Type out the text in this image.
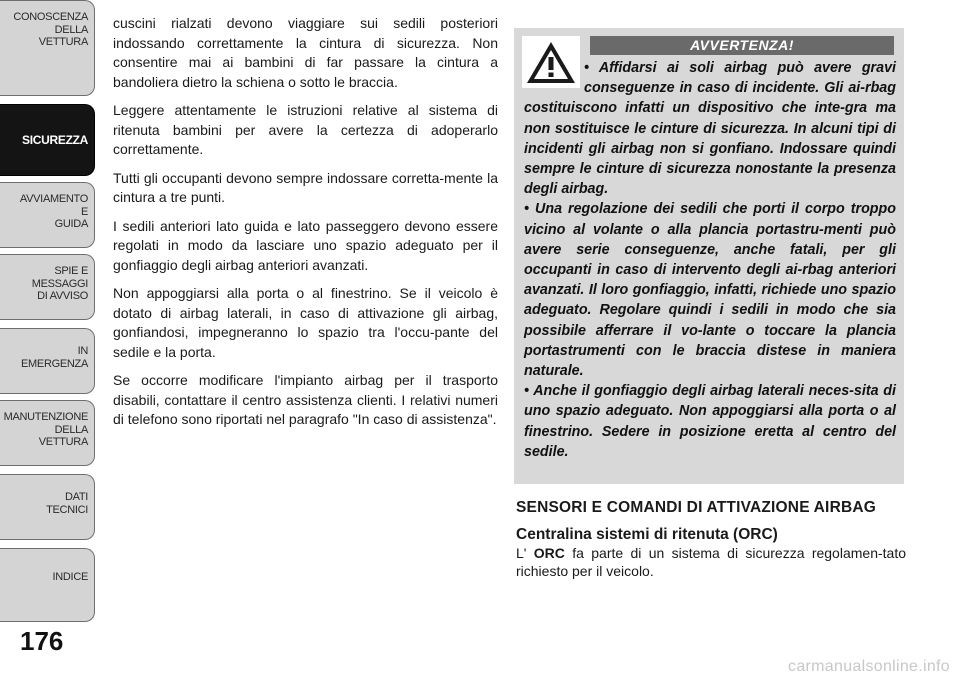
CONOSCENZA
DELLA
VETTURA
SICUREZZA
AVVIAMENTO
E
GUIDA
SPIE E
MESSAGGI
DI AVVISO
IN
EMERGENZA
MANUTENZIONE
DELLA
VETTURA
DATI
TECNICI
INDICE
176

cuscini rialzati devono viaggiare sui sedili posteriori indossando correttamente la cintura di sicurezza. Non consentire mai ai bambini di far passare la cintura a bandoliera dietro la schiena o sotto le braccia.

Leggere attentamente le istruzioni relative al sistema di ritenuta bambini per avere la certezza di adoperarlo correttamente.

Tutti gli occupanti devono sempre indossare corretta-mente la cintura a tre punti.

I sedili anteriori lato guida e lato passeggero devono essere regolati in modo da lasciare uno spazio adeguato per il gonfiaggio degli airbag anteriori avanzati.

Non appoggiarsi alla porta o al finestrino. Se il veicolo è dotato di airbag laterali, in caso di attivazione gli airbag, gonfiandosi, impegneranno lo spazio tra l'occu-pante del sedile e la porta.

Se occorre modificare l'impianto airbag per il trasporto disabili, contattare il centro assistenza clienti. I relativi numeri di telefono sono riportati nel paragrafo "In caso di assistenza".

AVVERTENZA!

• Affidarsi ai soli airbag può avere gravi conseguenze in caso di incidente. Gli ai-rbag costituiscono infatti un dispositivo che inte-gra ma non sostituisce le cinture di sicurezza. In alcuni tipi di incidenti gli airbag non si gonfiano. Indossare quindi sempre le cinture di sicurezza nonostante la presenza degli airbag.

• Una regolazione dei sedili che porti il corpo troppo vicino al volante o alla plancia portastru-menti può avere serie conseguenze, anche fatali, per gli occupanti in caso di intervento degli ai-rbag anteriori avanzati. Il loro gonfiaggio, infatti, richiede uno spazio adeguato. Regolare quindi i sedili in modo che sia possibile afferrare il vo-lante o toccare la plancia portastrumenti con le braccia distese in maniera naturale.

• Anche il gonfiaggio degli airbag laterali neces-sita di uno spazio adeguato. Non appoggiarsi alla porta o al finestrino. Sedere in posizione eretta al centro del sedile.

SENSORI E COMANDI DI ATTIVAZIONE AIRBAG

Centralina sistemi di ritenuta (ORC)

L' ORC fa parte di un sistema di sicurezza regolamen-tato richiesto per il veicolo.

carmanualsonline.info
